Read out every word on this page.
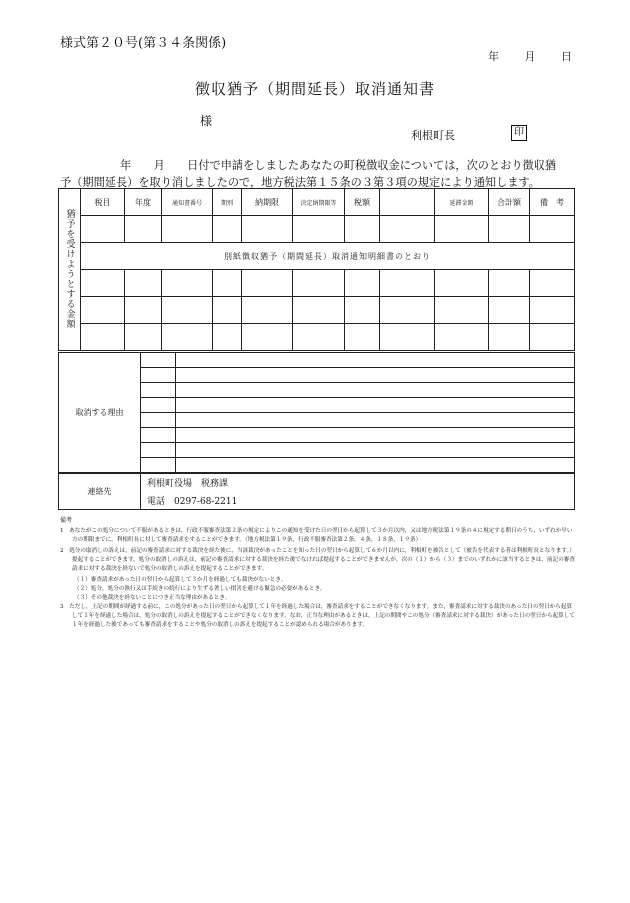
様式第２０号(第３４条関係)
年 月 日
徴収猶予（期間延長）取消通知書
様
利根町長	印
年　　月　　日付で申請をしましたあなたの町税徴収金については，次のとおり徴収猶
予（期間延長）を取り消しましたので，地方税法第１５条の３第３項の規定により通知します。
猶予を受けようとする金額	税目	年度	通知書番号	期別	納期限	決定納期限等	税額		延滞金額	合計額	備　考

	別紙徴収猶予（期間延長）取消通知明細書のとおり										

取消する理由		

連絡先	利根町役場　税務課
電話　0297-68-2211
備考
1　あなたがこの処分について不服があるときは，行政不服審査法第２条の規定によりこの通知を受けた日の翌日から起算して３か月以内，又は地方税法第１９条の４に規定する期日のうち，いずれか早い方の期限までに，利根町長に対して審査請求をすることができます。（地方税法第１９条，行政不服審査法第２条，４条，１８条，１９条）
2　処分の取消しの訴えは，前記の審査請求に対する裁決を経た後に，当該裁決があったことを知った日の翌日から起算して６か月以内に，利根町を被告として（被告を代表する者は利根町長となります。）提起することができます。処分の取消しの訴えは，前記の審査請求に対する裁決を経た後でなければ提起することができませんが，次の（１）から（３）までのいずれかに該当するときは，前記の審査請求に対する裁決を経ないで処分の取消しの訴えを提起することができます。
（１）審査請求があった日の翌日から起算して３か月を経過しても裁決がないとき。
（２）処分，処分の執行又は手続きの続行により生ずる著しい損害を避ける緊急の必要があるとき。
（３）その他裁決を経ないことにつき正当な理由があるとき。
3　ただし，上記の期間が経過する前に，この処分があった日の翌日から起算して１年を経過した場合は，審査請求をすることができなくなります。また，審査請求に対する裁決のあった日の翌日から起算して１年を経過した場合は，処分の取消しの訴えを提起することができなくなります。なお，正当な理由があるときは，上記の期間やこの処分（審査請求に対する裁決）があった日の翌日から起算して１年を経過した後であっても審査請求をすることや処分の取消しの訴えを提起することが認められる場合があります。
